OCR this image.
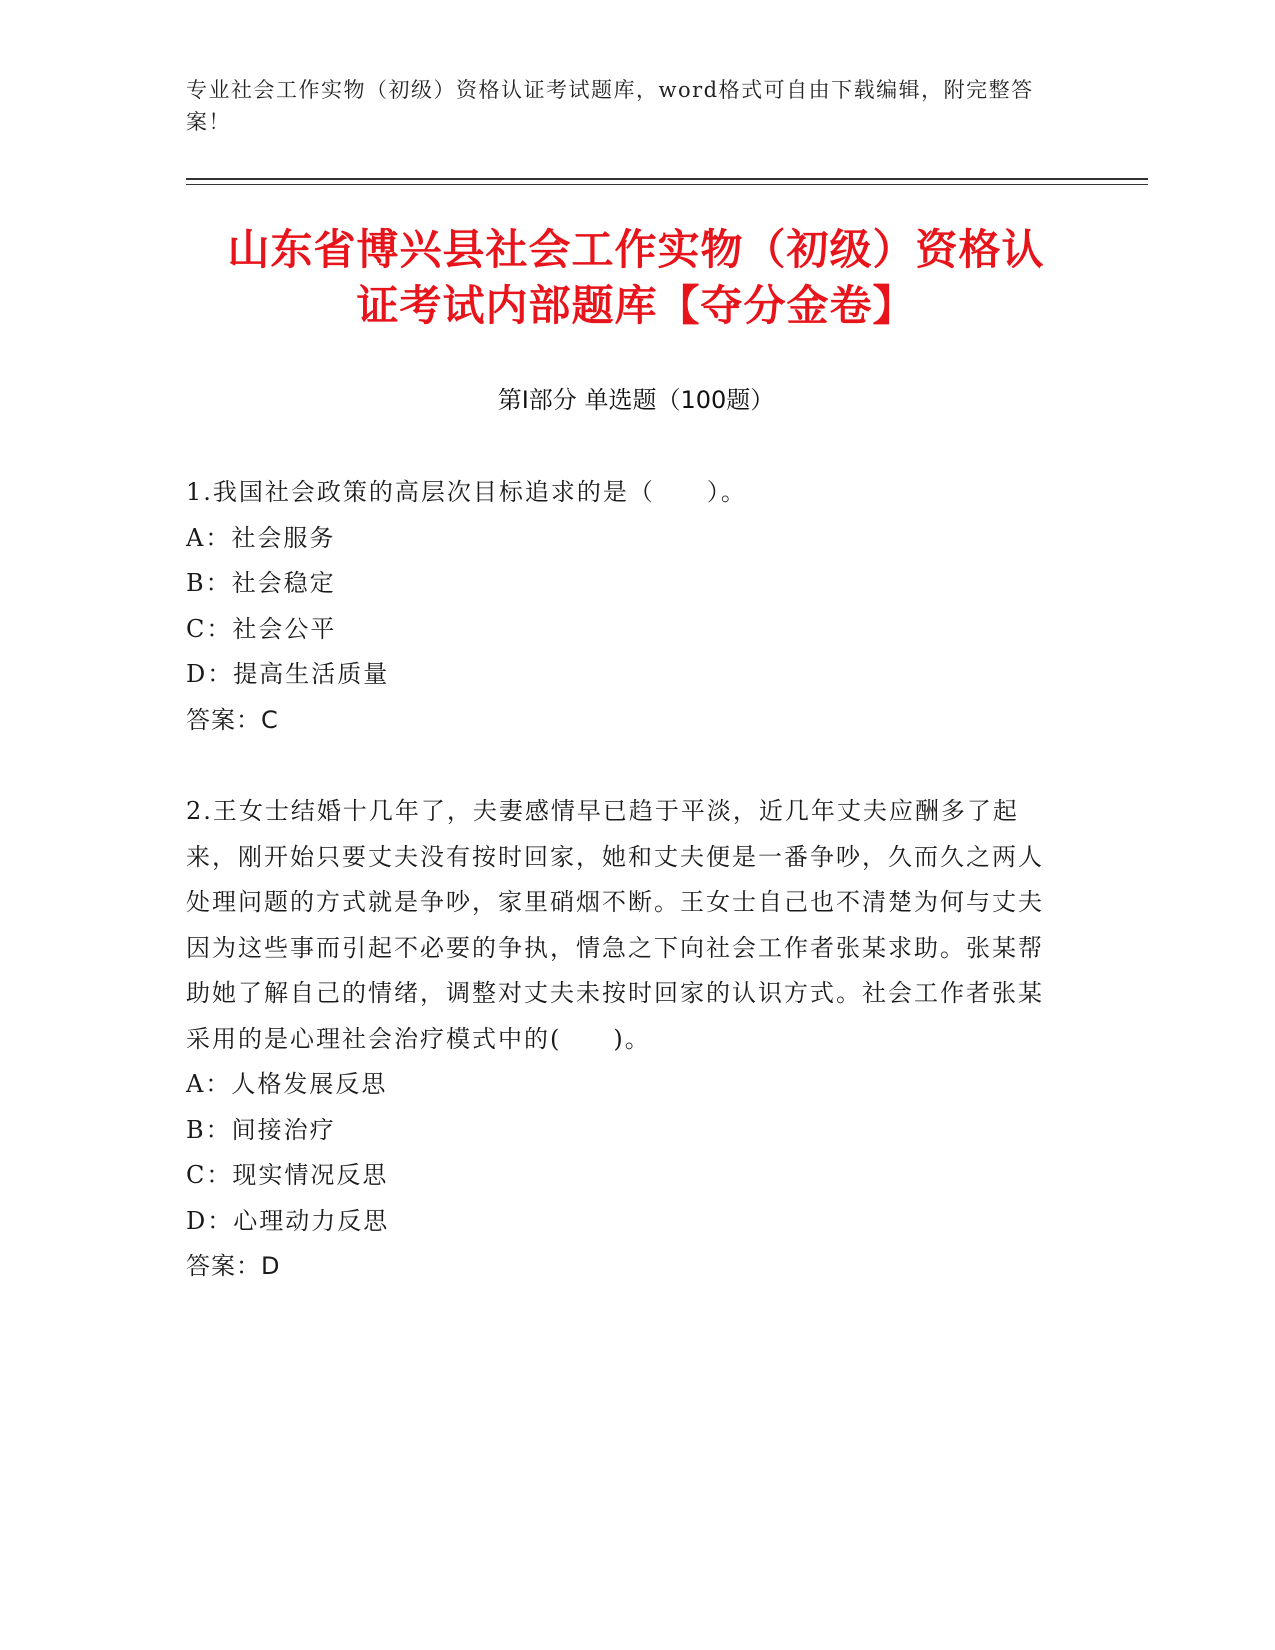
专业社会工作实物（初级）资格认证考试题库，word格式可自由下载编辑，附完整答案！
山东省博兴县社会工作实物（初级）资格认
证考试内部题库【夺分金卷】
第Ⅰ部分 单选题（100题）

1.我国社会政策的高层次目标追求的是（　　）。

A：社会服务

B：社会稳定

C：社会公平

D：提高生活质量

答案：C

2.王女士结婚十几年了，夫妻感情早已趋于平淡，近几年丈夫应酬多了起来，刚开始只要丈夫没有按时回家，她和丈夫便是一番争吵，久而久之两人处理问题的方式就是争吵，家里硝烟不断。王女士自己也不清楚为何与丈夫因为这些事而引起不必要的争执，情急之下向社会工作者张某求助。张某帮助她了解自己的情绪，调整对丈夫未按时回家的认识方式。社会工作者张某采用的是心理社会治疗模式中的(　　)。

A：人格发展反思

B：间接治疗

C：现实情况反思

D：心理动力反思

答案：D
